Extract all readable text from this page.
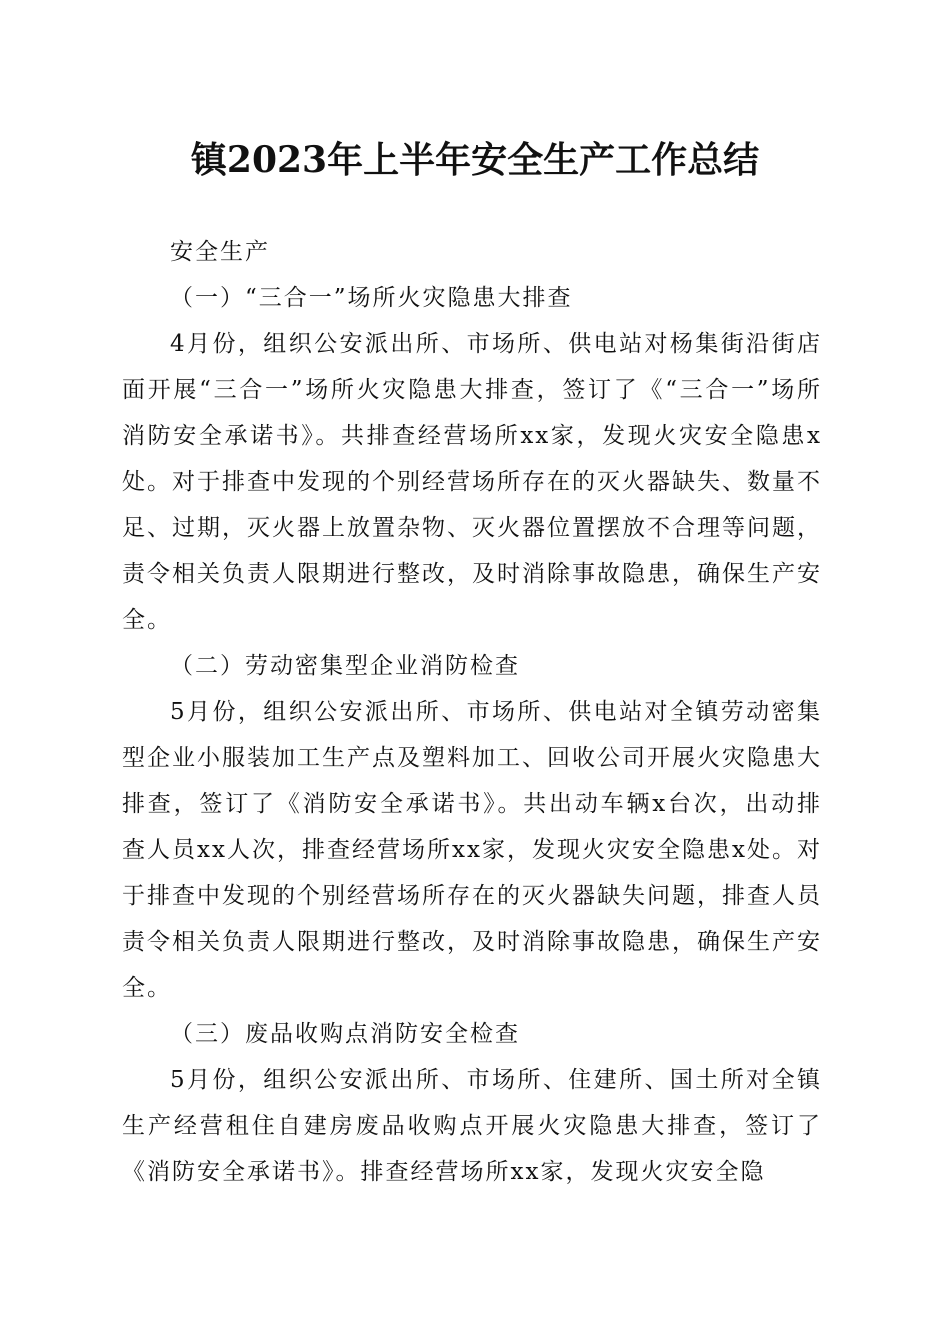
镇2023年上半年安全生产工作总结

安全生产

（一）“三合一”场所火灾隐患大排查

4月份，组织公安派出所、市场所、供电站对杨集街沿街店面开展“三合一”场所火灾隐患大排查，签订了《“三合一”场所消防安全承诺书》。共排查经营场所xx家，发现火灾安全隐患x处。对于排查中发现的个别经营场所存在的灭火器缺失、数量不足、过期，灭火器上放置杂物、灭火器位置摆放不合理等问题，责令相关负责人限期进行整改，及时消除事故隐患，确保生产安全。

（二）劳动密集型企业消防检查

5月份，组织公安派出所、市场所、供电站对全镇劳动密集型企业小服装加工生产点及塑料加工、回收公司开展火灾隐患大排查，签订了《消防安全承诺书》。共出动车辆x台次，出动排查人员xx人次，排查经营场所xx家，发现火灾安全隐患x处。对于排查中发现的个别经营场所存在的灭火器缺失问题，排查人员责令相关负责人限期进行整改，及时消除事故隐患，确保生产安全。

（三）废品收购点消防安全检查

5月份，组织公安派出所、市场所、住建所、国土所对全镇生产经营租住自建房废品收购点开展火灾隐患大排查，签订了《消防安全承诺书》。排查经营场所xx家，发现火灾安全隐
